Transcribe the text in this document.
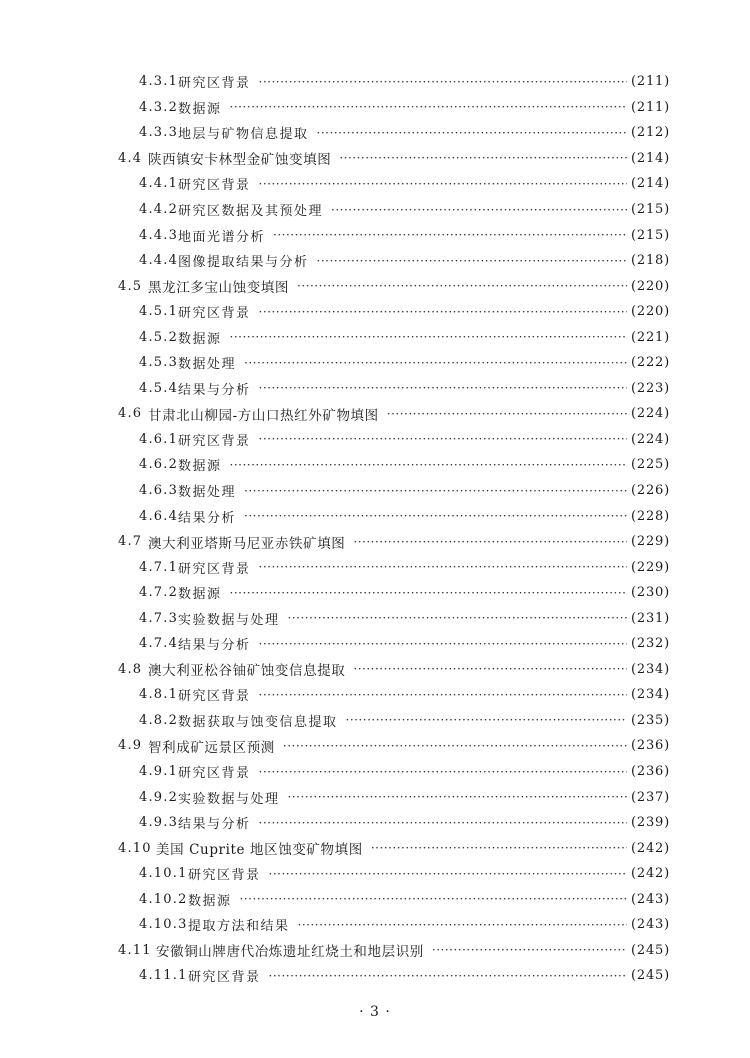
4.3.1 研究区背景 ·····	(211)
4.3.2 数据源 ·····	(211)
4.3.3 地层与矿物信息提取 ·····	(212)
4.4 陕西镇安卡林型金矿蚀变填图 ·····	(214)
4.4.1 研究区背景 ·····	(214)
4.4.2 研究区数据及其预处理 ·····	(215)
4.4.3 地面光谱分析 ·····	(215)
4.4.4 图像提取结果与分析 ·····	(218)
4.5 黑龙江多宝山蚀变填图 ·····	(220)
4.5.1 研究区背景 ·····	(220)
4.5.2 数据源 ·····	(221)
4.5.3 数据处理 ·····	(222)
4.5.4 结果与分析 ·····	(223)
4.6 甘肃北山柳园-方山口热红外矿物填图 ·····	(224)
4.6.1 研究区背景 ·····	(224)
4.6.2 数据源 ·····	(225)
4.6.3 数据处理 ·····	(226)
4.6.4 结果分析 ·····	(228)
4.7 澳大利亚塔斯马尼亚赤铁矿填图 ·····	(229)
4.7.1 研究区背景 ·····	(229)
4.7.2 数据源 ·····	(230)
4.7.3 实验数据与处理 ·····	(231)
4.7.4 结果与分析 ·····	(232)
4.8 澳大利亚松谷铀矿蚀变信息提取 ·····	(234)
4.8.1 研究区背景 ·····	(234)
4.8.2 数据获取与蚀变信息提取 ·····	(235)
4.9 智利成矿远景区预测 ·····	(236)
4.9.1 研究区背景 ·····	(236)
4.9.2 实验数据与处理 ·····	(237)
4.9.3 结果与分析 ·····	(239)
4.10 美国 Cuprite 地区蚀变矿物填图 ·····	(242)
4.10.1 研究区背景 ·····	(242)
4.10.2 数据源 ·····	(243)
4.10.3 提取方法和结果 ·····	(243)
4.11 安徽铜山牌唐代冶炼遗址红烧土和地层识别 ·····	(245)
4.11.1 研究区背景 ·····	(245)
· 3 ·
